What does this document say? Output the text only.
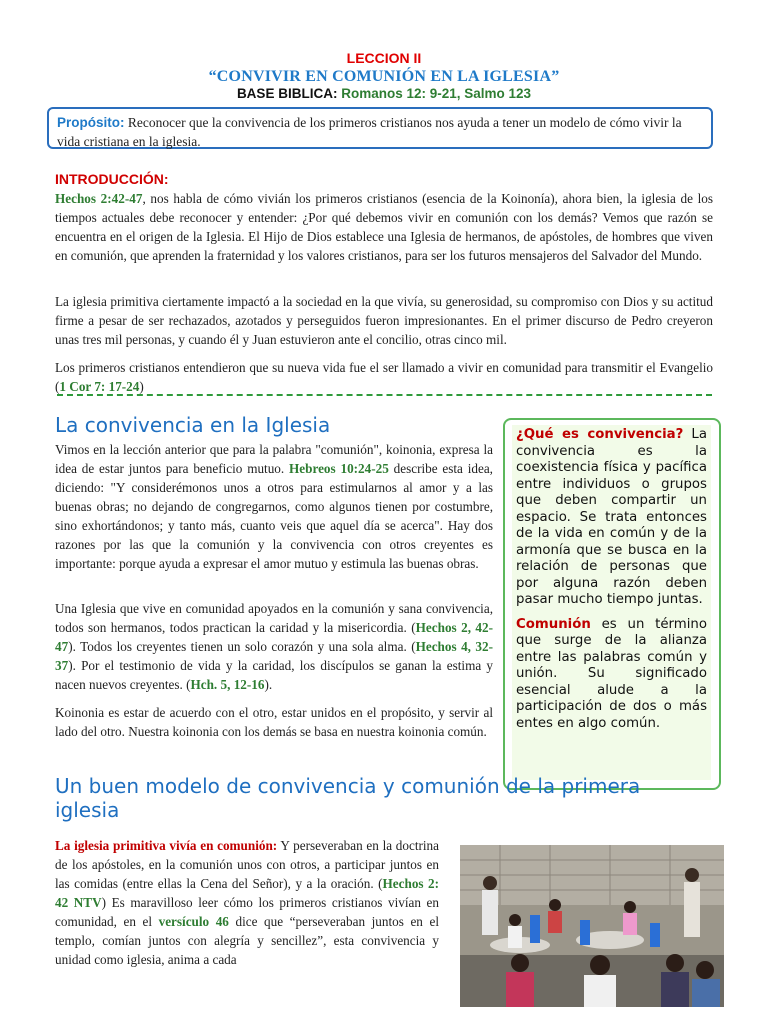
LECCION II
“CONVIVIR EN COMUNIÓN EN LA IGLESIA”
BASE BIBLICA: Romanos 12: 9-21, Salmo 123
Propósito: Reconocer que la convivencia de los primeros cristianos nos ayuda a tener un modelo de cómo vivir la vida cristiana en la iglesia.
INTRODUCCIÓN:
Hechos 2:42-47, nos habla de cómo vivián los primeros cristianos (esencia de la Koinonía), ahora bien, la iglesia de los tiempos actuales debe reconocer y entender: ¿Por qué debemos vivir en comunión con los demás? Vemos que razón se encuentra en el origen de la Iglesia. El Hijo de Dios establece una Iglesia de hermanos, de apóstoles, de hombres que viven en comunión, que aprenden la fraternidad y los valores cristianos, para ser los futuros mensajeros del Salvador del Mundo.
La iglesia primitiva ciertamente impactó a la sociedad en la que vivía, su generosidad, su compromiso con Dios y su actitud firme a pesar de ser rechazados, azotados y perseguidos fueron impresionantes. En el primer discurso de Pedro creyeron unas tres mil personas, y cuando él y Juan estuvieron ante el concilio, otras cinco mil.
Los primeros cristianos entendieron que su nueva vida fue el ser llamado a vivir en comunidad para transmitir el Evangelio (1 Cor 7: 17-24)
La convivencia en la Iglesia
Vimos en la lección anterior que para la palabra "comunión", koinonia, expresa la idea de estar juntos para beneficio mutuo. Hebreos 10:24-25 describe esta idea, diciendo: "Y considerémonos unos a otros para estimularnos al amor y a las buenas obras; no dejando de congregarnos, como algunos tienen por costumbre, sino exhortándonos; y tanto más, cuanto veis que aquel día se acerca". Hay dos razones por las que la comunión y la convivencia con otros creyentes es importante: porque ayuda a expresar el amor mutuo y estimula las buenas obras.
Una Iglesia que vive en comunidad apoyados en la comunión y sana convivencia, todos son hermanos, todos practican la caridad y la misericordia. (Hechos 2, 42-47). Todos los creyentes tienen un solo corazón y una sola alma. (Hechos 4, 32-37). Por el testimonio de vida y la caridad, los discípulos se ganan la estima y nacen nuevos creyentes. (Hch. 5, 12-16).
Koinonia es estar de acuerdo con el otro, estar unidos en el propósito, y servir al lado del otro. Nuestra koinonia con los demás se basa en nuestra koinonia común.

¿Qué es convivencia? La convivencia es la coexistencia física y pacífica entre individuos o grupos que deben compartir un espacio. Se trata entonces de la vida en común y de la armonía que se busca en la relación de personas que por alguna razón deben pasar mucho tiempo juntas.

Comunión es un término que surge de la alianza entre las palabras común y unión. Su significado esencial alude a la participación de dos o más entes en algo común.

Un buen modelo de convivencia y comunión de la primera iglesia
La iglesia primitiva vivía en comunión: Y perseveraban en la doctrina de los apóstoles, en la comunión unos con otros, a participar juntos en las comidas (entre ellas la Cena del Señor), y a la oración. (Hechos 2: 42 NTV) Es maravilloso leer cómo los primeros cristianos vivían en comunidad, en el versículo 46 dice que “perseveraban juntos en el templo, comían juntos con alegría y sencillez”, esta convivencia y unidad como iglesia, anima a cada
